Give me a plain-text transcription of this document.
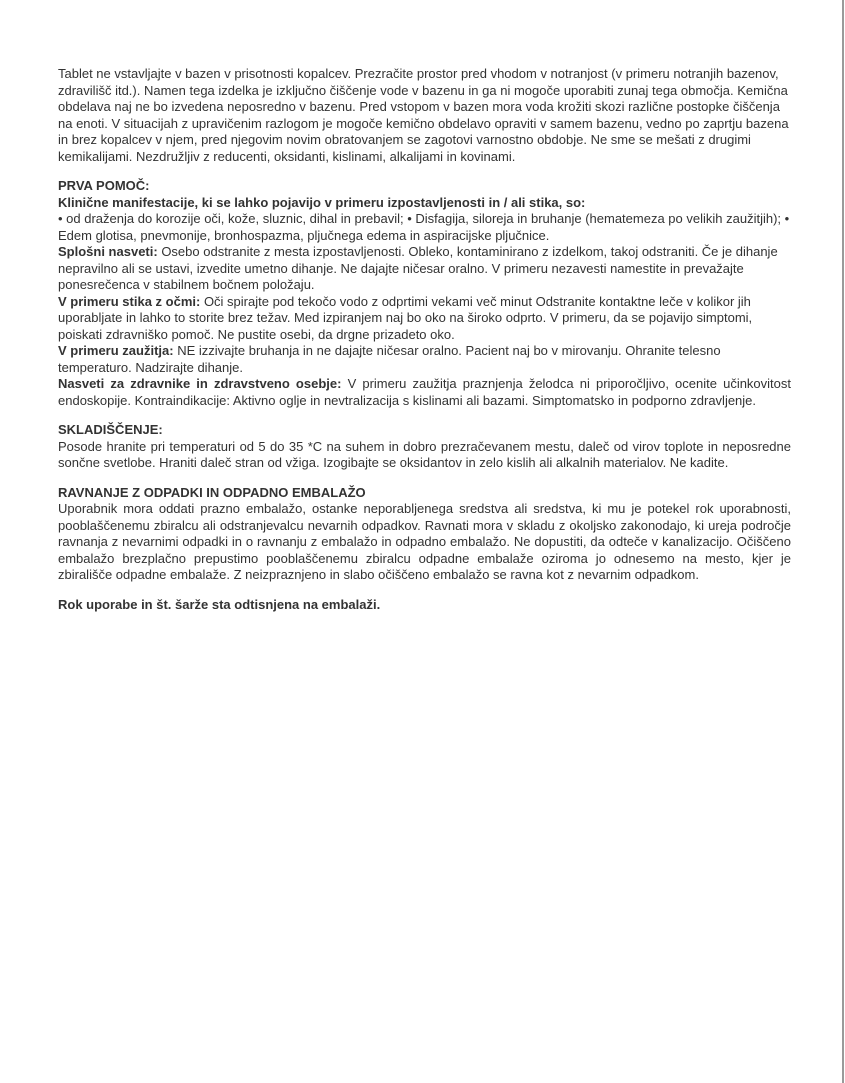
Tablet ne vstavljajte v bazen v prisotnosti kopalcev. Prezračite prostor pred vhodom v notranjost (v primeru notranjih bazenov, zdravilišč itd.). Namen tega izdelka je izključno čiščenje vode v bazenu in ga ni mogoče uporabiti zunaj tega območja. Kemična obdelava naj ne bo izvedena neposredno v bazenu. Pred vstopom v bazen mora voda krožiti skozi različne postopke čiščenja na enoti. V situacijah z upravičenim razlogom je mogoče kemično obdelavo opraviti v samem bazenu, vedno po zaprtju bazena in brez kopalcev v njem, pred njegovim novim obratovanjem se zagotovi varnostno obdobje. Ne sme se mešati z drugimi kemikalijami. Nezdružljiv z reducenti, oksidanti, kislinami, alkalijami in kovinami.

PRVA POMOČ:

Klinične manifestacije, ki se lahko pojavijo v primeru izpostavljenosti in / ali stika, so:

• od draženja do korozije oči, kože, sluznic, dihal in prebavil; • Disfagija, siloreja in bruhanje (hematemeza po velikih zaužitjih); • Edem glotisa, pnevmonije, bronhospazma, pljučnega edema in aspiracijske pljučnice.

Splošni nasveti: Osebo odstranite z mesta izpostavljenosti. Obleko, kontaminirano z izdelkom, takoj odstraniti. Če je dihanje nepravilno ali se ustavi, izvedite umetno dihanje. Ne dajajte ničesar oralno. V primeru nezavesti namestite in prevažajte ponesrečenca v stabilnem bočnem položaju.

V primeru stika z očmi: Oči spirajte pod tekočo vodo z odprtimi vekami več minut Odstranite kontaktne leče v kolikor jih uporabljate in lahko to storite brez težav. Med izpiranjem naj bo oko na široko odprto. V primeru, da se pojavijo simptomi, poiskati zdravniško pomoč. Ne pustite osebi, da drgne prizadeto oko.

V primeru zaužitja: NE izzivajte bruhanja in ne dajajte ničesar oralno. Pacient naj bo v mirovanju. Ohranite telesno temperaturo. Nadzirajte dihanje.

Nasveti za zdravnike in zdravstveno osebje: V primeru zaužitja praznjenja želodca ni priporočljivo, ocenite učinkovitost endoskopije. Kontraindikacije: Aktivno oglje in nevtralizacija s kislinami ali bazami. Simptomatsko in podporno zdravljenje.

SKLADIŠČENJE:

Posode hranite pri temperaturi od 5 do 35 *C na suhem in dobro prezračevanem mestu, daleč od virov toplote in neposredne sončne svetlobe. Hraniti daleč stran od vžiga. Izogibajte se oksidantov in zelo kislih ali alkalnih materialov. Ne kadite.

RAVNANJE Z ODPADKI IN ODPADNO EMBALAŽO

Uporabnik mora oddati prazno embalažo, ostanke neporabljenega sredstva ali sredstva, ki mu je potekel rok uporabnosti, pooblaščenemu zbiralcu ali odstranjevalcu nevarnih odpadkov. Ravnati mora v skladu z okoljsko zakonodajo, ki ureja področje ravnanja z nevarnimi odpadki in o ravnanju z embalažo in odpadno embalažo. Ne dopustiti, da odteče v kanalizacijo. Očiščeno embalažo brezplačno prepustimo pooblaščenemu zbiralcu odpadne embalaže oziroma jo odnesemo na mesto, kjer je zbirališče odpadne embalaže. Z neizpraznjeno in slabo očiščeno embalažo se ravna kot z nevarnim odpadkom.

Rok uporabe in št. šarže sta odtisnjena na embalaži.
